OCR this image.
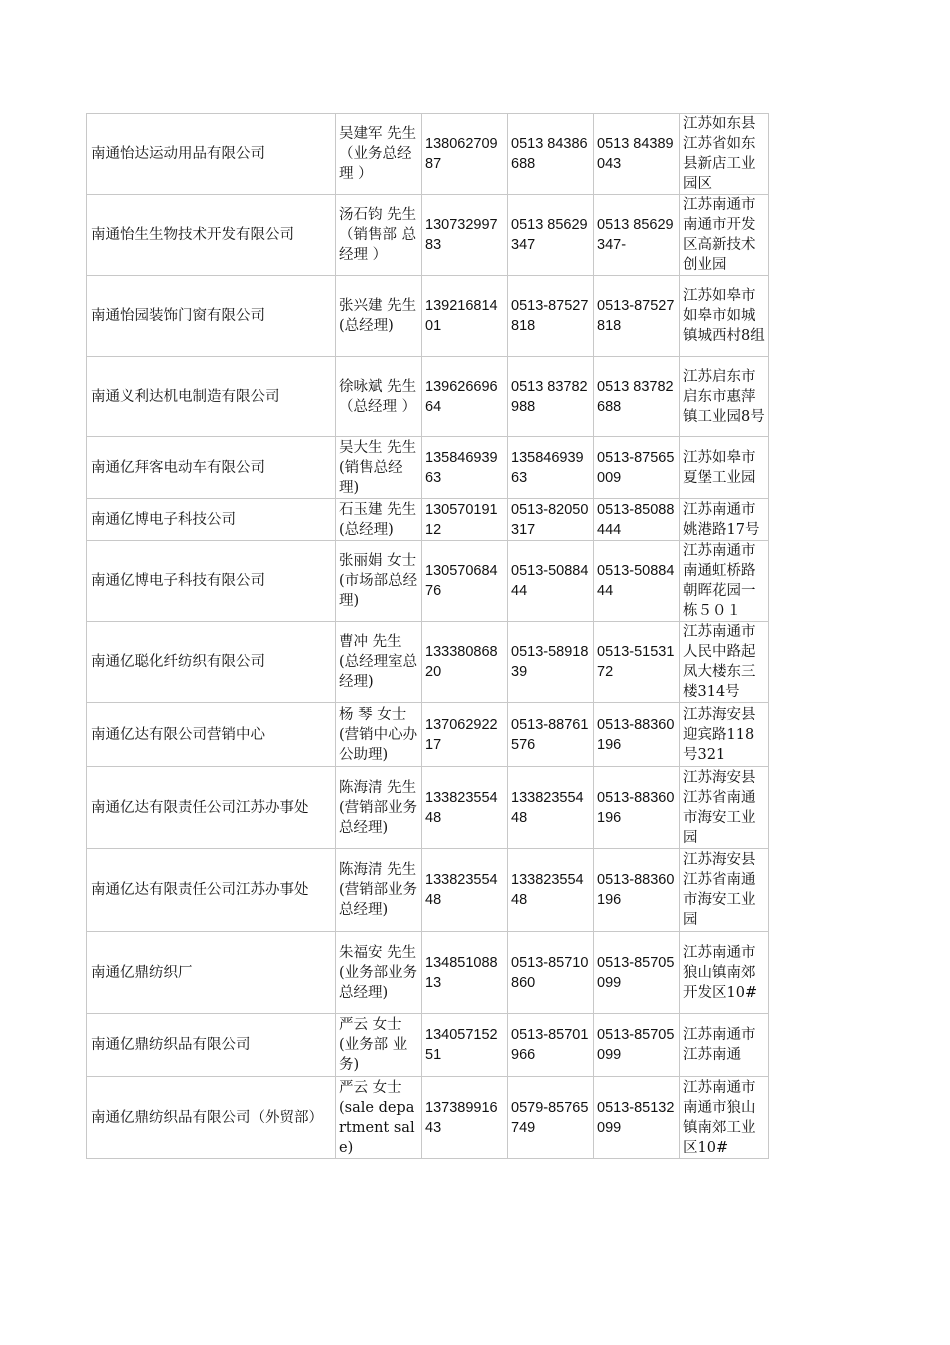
南通怡达运动用品有限公司	吴建军 先生 （业务总经理 ）	13806270987	0513 84386688	0513 84389043	江苏如东县江苏省如东县新店工业园区
南通怡生生物技术开发有限公司	汤石钧 先生 （销售部 总经理 ）	13073299783	0513 85629347	0513 85629347-	江苏南通市南通市开发区高新技术创业园
南通怡园装饰门窗有限公司	张兴建 先生 (总经理)	13921681401	0513-87527818	0513-87527818	江苏如皋市如皋市如城镇城西村8组
南通义利达机电制造有限公司	徐咏斌 先生 （总经理 ）	13962669664	0513 83782988	0513 83782688	江苏启东市启东市惠萍镇工业园8号
南通亿拜客电动车有限公司	吴大生 先生 (销售总经理)	13584693963	13584693963	0513-87565009	江苏如皋市夏堡工业园
南通亿博电子科技公司	石玉建 先生 (总经理)	13057019112	0513-82050317	0513-85088444	江苏南通市姚港路17号
南通亿博电子科技有限公司	张丽娟 女士 (市场部总经理)	13057068476	0513-5088444	0513-5088444	江苏南通市南通虹桥路朝晖花园一栋５０１
南通亿聪化纤纺织有限公司	曹冲 先生 (总经理室总经理)	13338086820	0513-5891839	0513-5153172	江苏南通市人民中路起凤大楼东三楼314号
南通亿达有限公司营销中心	杨 琴 女士 (营销中心办公助理)	13706292217	0513-88761576	0513-88360196	江苏海安县迎宾路118号321
南通亿达有限责任公司江苏办事处	陈海清 先生 (营销部业务总经理)	13382355448	13382355448	0513-88360196	江苏海安县江苏省南通市海安工业园
南通亿达有限责任公司江苏办事处	陈海清 先生 (营销部业务总经理)	13382355448	13382355448	0513-88360196	江苏海安县江苏省南通市海安工业园
南通亿鼎纺织厂	朱福安 先生 (业务部业务总经理)	13485108813	0513-85710860	0513-85705099	江苏南通市狼山镇南郊开发区10#
南通亿鼎纺织品有限公司	严云 女士 (业务部 业务)	13405715251	0513-85701966	0513-85705099	江苏南通市江苏南通
南通亿鼎纺织品有限公司（外贸部）	严云 女士 (sale department sale)	13738991643	0579-85765749	0513-85132099	江苏南通市南通市狼山镇南郊工业区10#
